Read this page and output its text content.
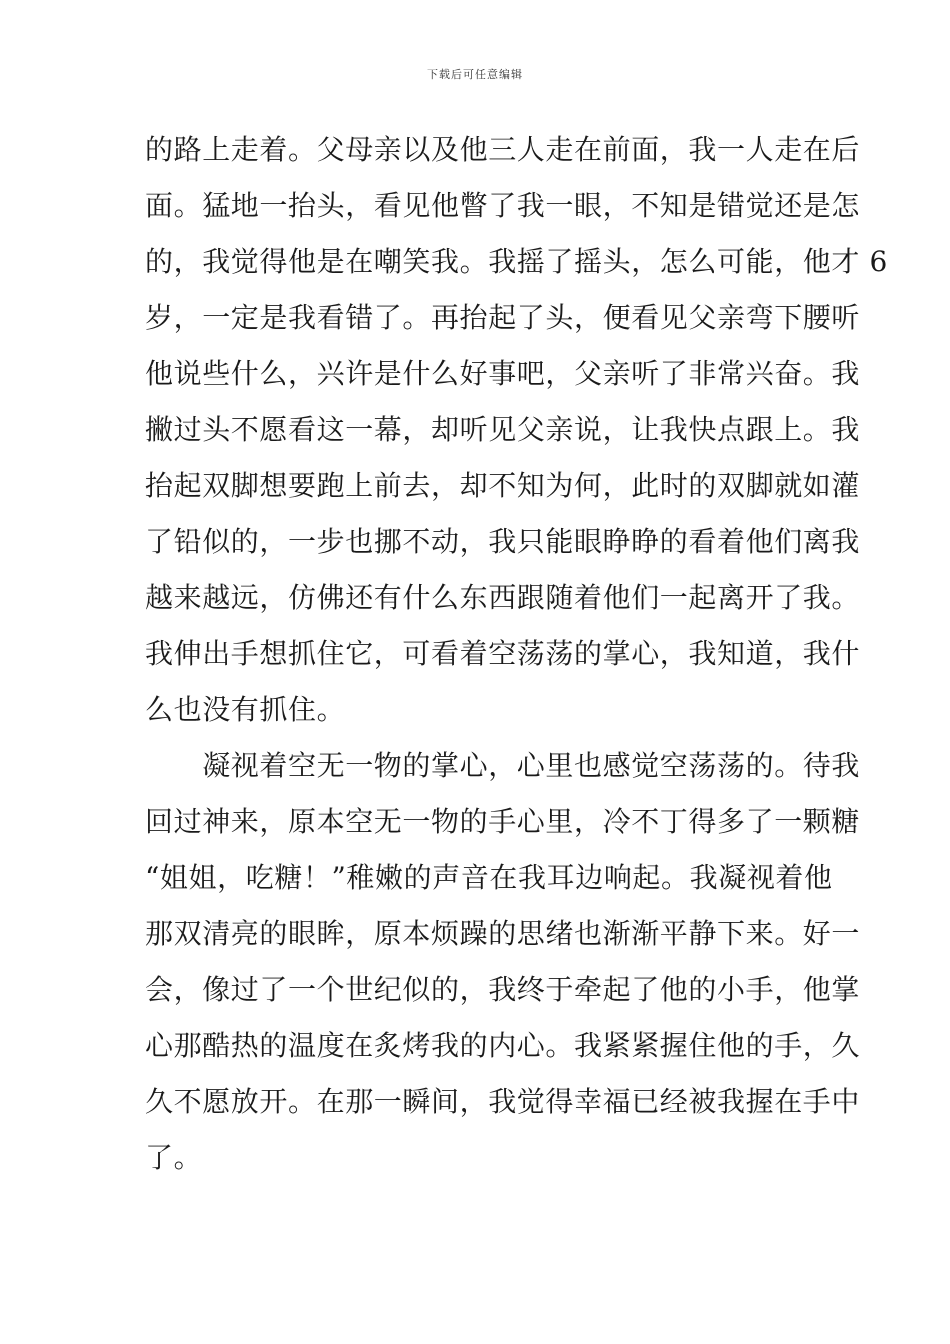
下载后可任意编辑
的路上走着。父母亲以及他三人走在前面，我一人走在后
面。猛地一抬头，看见他瞥了我一眼，不知是错觉还是怎
的，我觉得他是在嘲笑我。我摇了摇头，怎么可能，他才 6
岁，一定是我看错了。再抬起了头，便看见父亲弯下腰听
他说些什么，兴许是什么好事吧，父亲听了非常兴奋。我
撇过头不愿看这一幕，却听见父亲说，让我快点跟上。我
抬起双脚想要跑上前去，却不知为何，此时的双脚就如灌
了铅似的，一步也挪不动，我只能眼睁睁的看着他们离我
越来越远，仿佛还有什么东西跟随着他们一起离开了我。
我伸出手想抓住它，可看着空荡荡的掌心，我知道，我什
么也没有抓住。
　　凝视着空无一物的掌心，心里也感觉空荡荡的。待我
回过神来，原本空无一物的手心里，冷不丁得多了一颗糖
“姐姐，吃糖！”稚嫩的声音在我耳边响起。我凝视着他
那双清亮的眼眸，原本烦躁的思绪也渐渐平静下来。好一
会，像过了一个世纪似的，我终于牵起了他的小手，他掌
心那酷热的温度在炙烤我的内心。我紧紧握住他的手，久
久不愿放开。在那一瞬间，我觉得幸福已经被我握在手中
了。
